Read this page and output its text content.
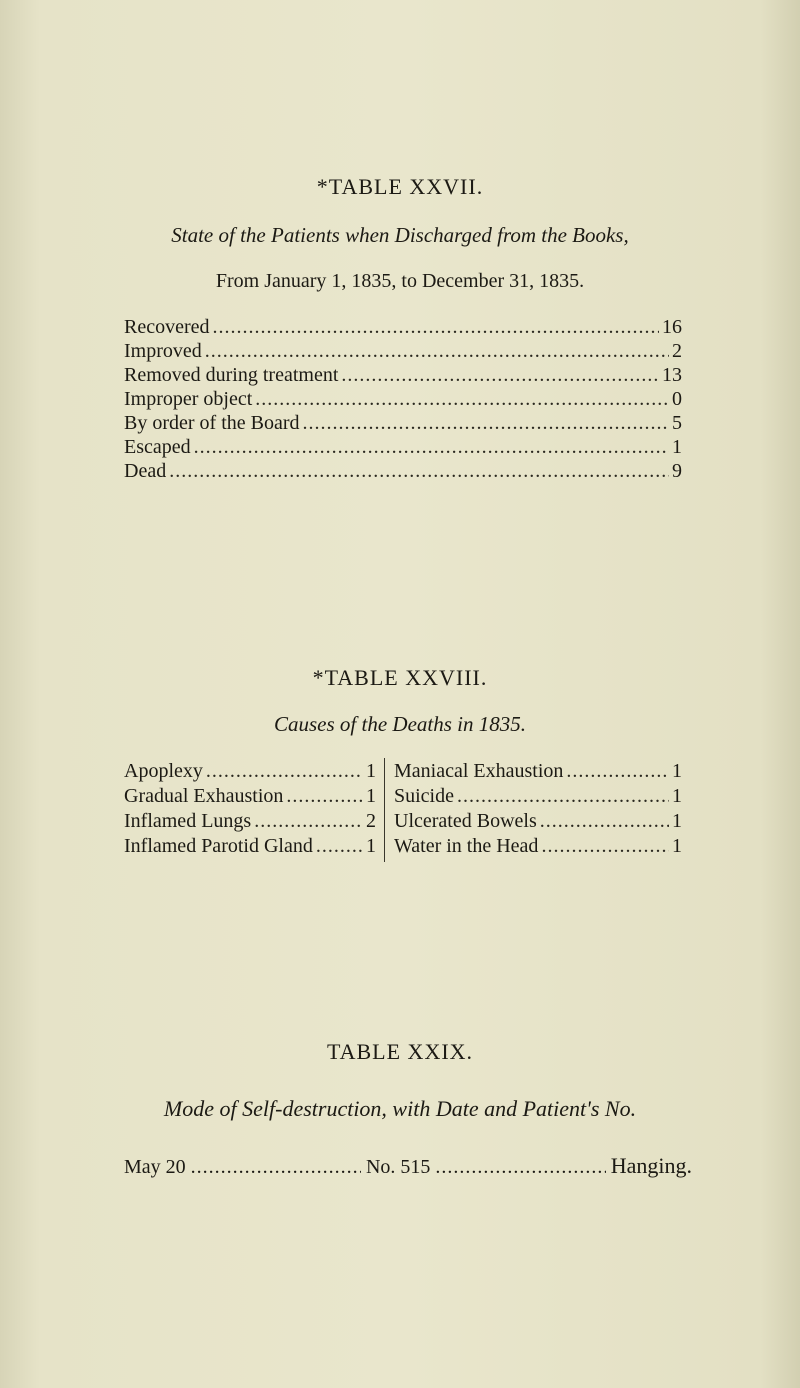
*TABLE XXVII.
State of the Patients when Discharged from the Books,
From January 1, 1835, to December 31, 1835.
Recovered .....	16
Improved .....	2
Removed during treatment .....	13
Improper object .....	0
By order of the Board .....	5
Escaped .....	1
Dead .....	9
*TABLE XXVIII.
Causes of the Deaths in 1835.
Apoplexy .....	1
Gradual Exhaustion .....	1
Inflamed Lungs .....	2
Inflamed Parotid Gland .....	1
Maniacal Exhaustion .....	1
Suicide .....	1
Ulcerated Bowels .....	1
Water in the Head .....	1
TABLE XXIX.
Mode of Self-destruction, with Date and Patient's No.
May 20 .....	No. 515 .....	Hanging.
